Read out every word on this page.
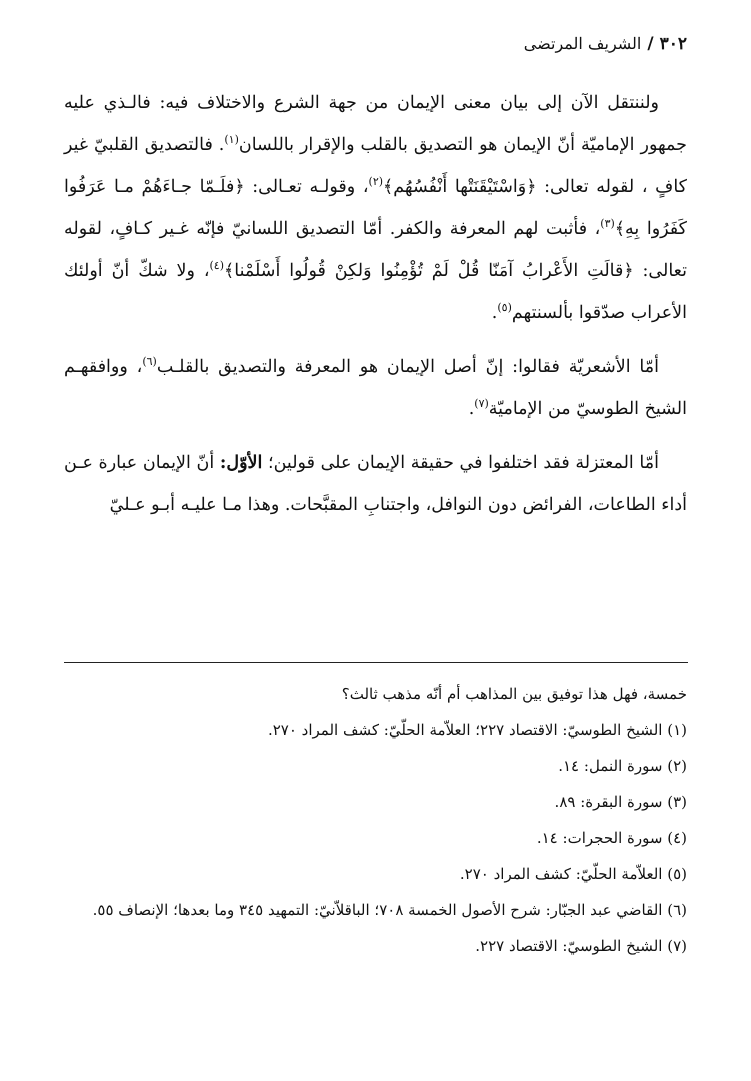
٣٠٢/الشريف المرتضى

ولننتقل الآن إلى بيان معنى الإيمان من جهة الشرع والاختلاف فيه: فالـذي عليه جمهور الإماميّة أنّ الإيمان هو التصديق بالقلب والإقرار باللسان$^{(١)}$. فالتصديق القلبيّ غير كافٍ ، لقوله تعالى: ﴿وَاسْتَيْقَنَتْها أَنْفُسُهُم﴾$^{(٢)}$، وقولـه تعـالى: ﴿فلَـمّا جـاءَهُمْ مـا عَرَفُوا كَفَرُوا بِهِ﴾$^{(٣)}$، فأثبت لهم المعرفة والكفر. أمّا التصديق اللسانيّ فإنّه غـير كـافٍ، لقوله تعالى: ﴿قالَتِ الأَعْرابُ آمَنّا قُلْ لَمْ تُؤْمِنُوا وَلكِنْ قُولُوا أَسْلَمْنا﴾$^{(٤)}$، ولا شكّ أنّ أولئك الأعراب صدّقوا بألسنتهم$^{(٥)}$.

أمّا الأشعريّة فقالوا: إنّ أصل الإيمان هو المعرفة والتصديق بالقلـب$^{(٦)}$، ووافقهـم الشيخ الطوسيّ من الإماميّة$^{(٧)}$.

أمّا المعتزلة فقد اختلفوا في حقيقة الإيمان على قولين؛ الأوّل: أنّ الإيمان عبارة عـن أداء الطاعات، الفرائض دون النوافل، واجتنابِ المقبَّحات. وهذا مـا عليـه أبـو عـليّ

خمسة، فهل هذا توفيق بين المذاهب أم أنّه مذهب ثالث؟

(١) الشيخ الطوسيّ: الاقتصاد ٢٢٧؛ العلاّمة الحلّيّ: كشف المراد ٢٧٠.

(٢) سورة النمل: ١٤.

(٣) سورة البقرة: ٨٩.

(٤) سورة الحجرات: ١٤.

(٥) العلاّمة الحلّيّ: كشف المراد ٢٧٠.

(٦) القاضي عبد الجبّار: شرح الأصول الخمسة ٧٠٨؛ الباقلاّنيّ: التمهيد ٣٤٥ وما بعدها؛ الإنصاف ٥٥.

(٧) الشيخ الطوسيّ: الاقتصاد ٢٢٧.
